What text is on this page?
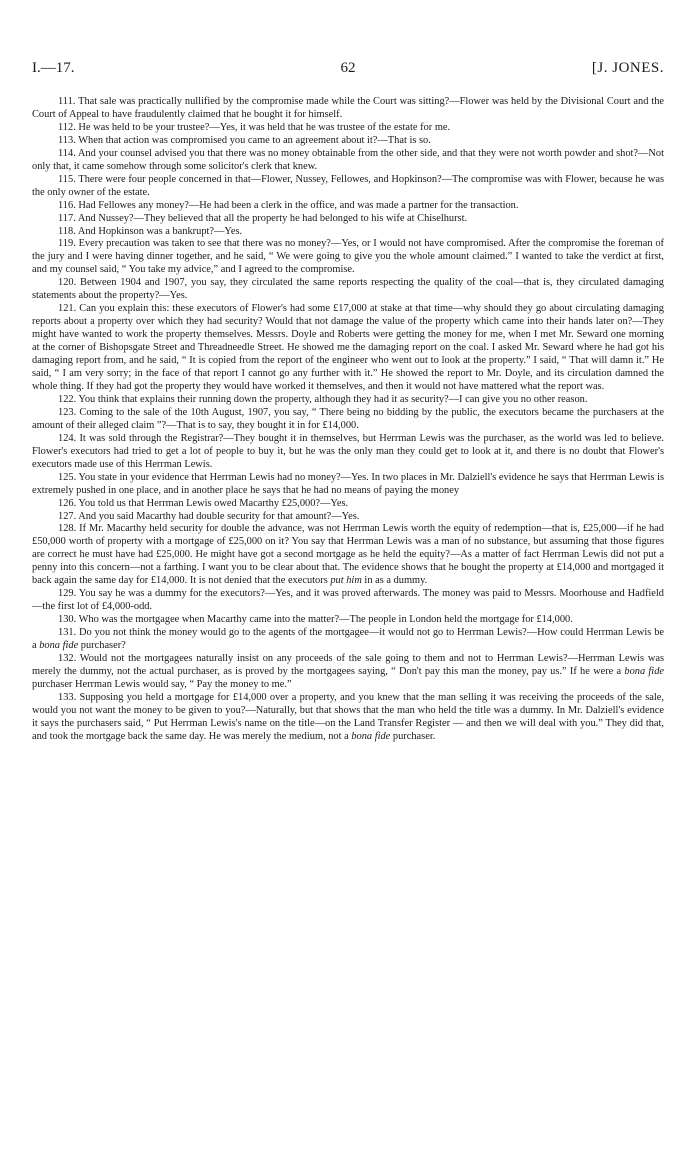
I.—17.	62	[J. JONES.

111. That sale was practically nullified by the compromise made while the Court was sitting?—Flower was held by the Divisional Court and the Court of Appeal to have fraudulently claimed that he bought it for himself.

112. He was held to be your trustee?—Yes, it was held that he was trustee of the estate for me.

113. When that action was compromised you came to an agreement about it?—That is so.

114. And your counsel advised you that there was no money obtainable from the other side, and that they were not worth powder and shot?—Not only that, it came somehow through some solicitor's clerk that knew.

115. There were four people concerned in that—Flower, Nussey, Fellowes, and Hopkinson?—The compromise was with Flower, because he was the only owner of the estate.

116. Had Fellowes any money?—He had been a clerk in the office, and was made a partner for the transaction.

117. And Nussey?—They believed that all the property he had belonged to his wife at Chiselhurst.

118. And Hopkinson was a bankrupt?—Yes.

119. Every precaution was taken to see that there was no money?—Yes, or I would not have compromised. After the compromise the foreman of the jury and I were having dinner together, and he said, “ We were going to give you the whole amount claimed.” I wanted to take the verdict at first, and my counsel said, “ You take my advice,” and I agreed to the compromise.

120. Between 1904 and 1907, you say, they circulated the same reports respecting the quality of the coal—that is, they circulated damaging statements about the property?—Yes.

121. Can you explain this: these executors of Flower's had some £17,000 at stake at that time—why should they go about circulating damaging reports about a property over which they had security? Would that not damage the value of the property which came into their hands later on?—They might have wanted to work the property themselves. Messrs. Doyle and Roberts were getting the money for me, when I met Mr. Seward one morning at the corner of Bishopsgate Street and Threadneedle Street. He showed me the damaging report on the coal. I asked Mr. Seward where he had got his damaging report from, and he said, “ It is copied from the report of the engineer who went out to look at the property.” I said, “ That will damn it.” He said, “ I am very sorry; in the face of that report I cannot go any further with it.” He showed the report to Mr. Doyle, and its circulation damned the whole thing. If they had got the property they would have worked it themselves, and then it would not have mattered what the report was.

122. You think that explains their running down the property, although they had it as security?—I can give you no other reason.

123. Coming to the sale of the 10th August, 1907, you say, “ There being no bidding by the public, the executors became the purchasers at the amount of their alleged claim ”?—That is to say, they bought it in for £14,000.

124. It was sold through the Registrar?—They bought it in themselves, but Herrman Lewis was the purchaser, as the world was led to believe. Flower's executors had tried to get a lot of people to buy it, but he was the only man they could get to look at it, and there is no doubt that Flower's executors made use of this Herrman Lewis.

125. You state in your evidence that Herrman Lewis had no money?—Yes. In two places in Mr. Dalziell's evidence he says that Herrman Lewis is extremely pushed in one place, and in another place he says that he had no means of paying the money

126. You told us that Herrman Lewis owed Macarthy £25,000?—Yes.

127. And you said Macarthy had double security for that amount?—Yes.

128. If Mr. Macarthy held security for double the advance, was not Herrman Lewis worth the equity of redemption—that is, £25,000—if he had £50,000 worth of property with a mortgage of £25,000 on it? You say that Herrman Lewis was a man of no substance, but assuming that those figures are correct he must have had £25,000. He might have got a second mortgage as he held the equity?—As a matter of fact Herrman Lewis did not put a penny into this concern—not a farthing. I want you to be clear about that. The evidence shows that he bought the property at £14,000 and mortgaged it back again the same day for £14,000. It is not denied that the executors put him in as a dummy.

129. You say he was a dummy for the executors?—Yes, and it was proved afterwards. The money was paid to Messrs. Moorhouse and Hadfield—the first lot of £4,000-odd.

130. Who was the mortgagee when Macarthy came into the matter?—The people in London held the mortgage for £14,000.

131. Do you not think the money would go to the agents of the mortgagee—it would not go to Herrman Lewis?—How could Herrman Lewis be a bona fide purchaser?

132. Would not the mortgagees naturally insist on any proceeds of the sale going to them and not to Herrman Lewis?—Herrman Lewis was merely the dummy, not the actual purchaser, as is proved by the mortgagees saying, “ Don't pay this man the money, pay us.” If he were a bona fide purchaser Herrman Lewis would say, “ Pay the money to me.”

133. Supposing you held a mortgage for £14,000 over a property, and you knew that the man selling it was receiving the proceeds of the sale, would you not want the money to be given to you?—Naturally, but that shows that the man who held the title was a dummy. In Mr. Dalziell's evidence it says the purchasers said, “ Put Herrman Lewis's name on the title—on the Land Transfer Register — and then we will deal with you.” They did that, and took the mortgage back the same day. He was merely the medium, not a bona fide purchaser.
